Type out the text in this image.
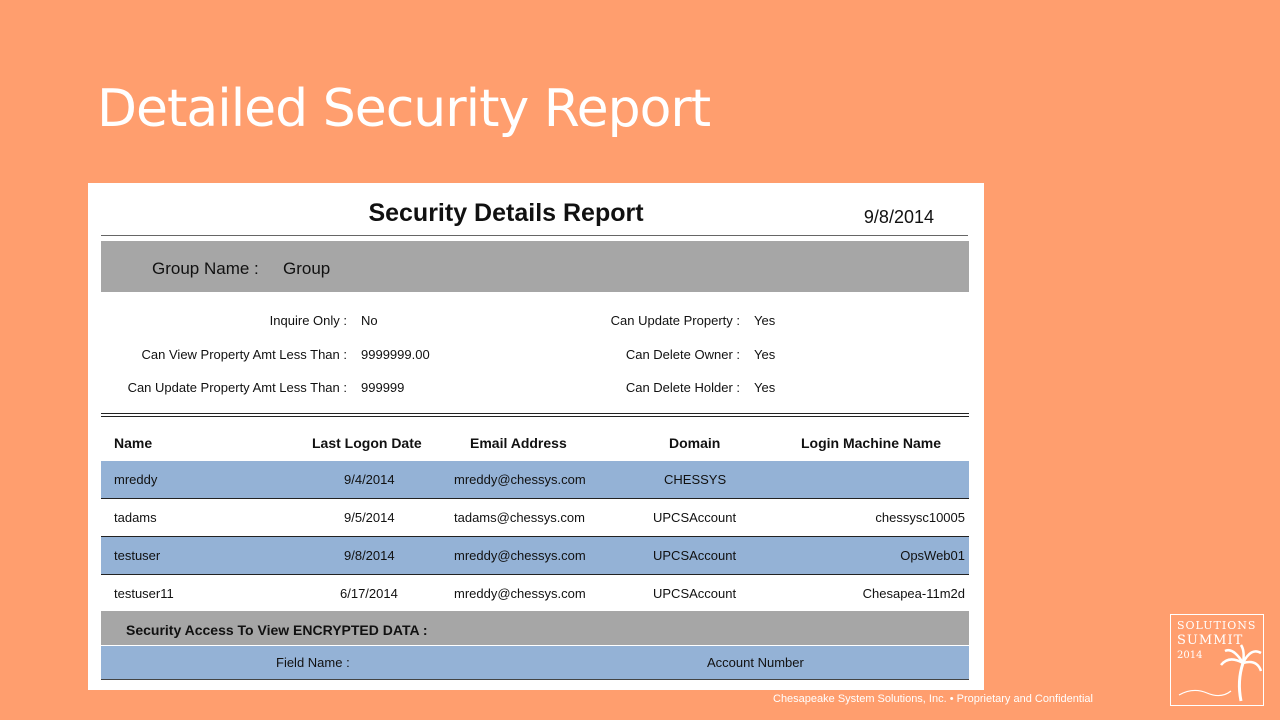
Detailed Security Report
Security Details Report	9/8/2014
Group Name : Group
Inquire Only : No
Can View Property Amt Less Than : 9999999.00
Can Update Property Amt Less Than : 999999
Can Update Property : Yes
Can Delete Owner : Yes
Can Delete Holder : Yes
Name	Last Logon Date	Email Address	Domain	Login Machine Name
mreddy	9/4/2014	mreddy@chessys.com	CHESSYS
tadams	9/5/2014	tadams@chessys.com	UPCSAccount	chessysc10005
testuser	9/8/2014	mreddy@chessys.com	UPCSAccount	OpsWeb01
testuser11	6/17/2014	mreddy@chessys.com	UPCSAccount	Chesapea-11m2d
Security Access To View ENCRYPTED DATA :
Field Name :	Account Number
Chesapeake System Solutions, Inc. • Proprietary and Confidential
SOLUTIONS
SUMMIT
2014
